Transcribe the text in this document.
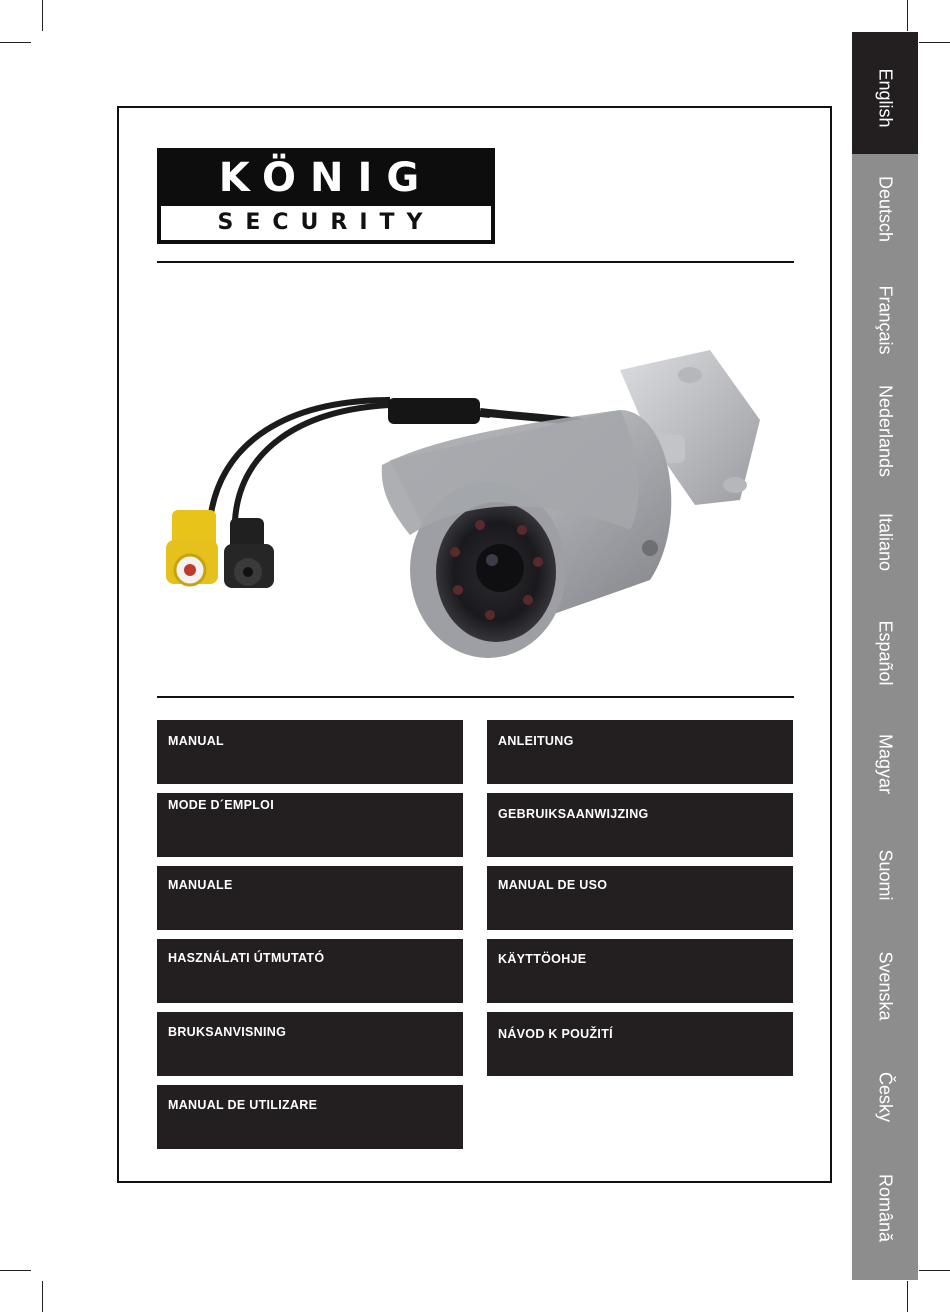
KÖNIG
SECURITY
MANUAL
MODE D´EMPLOI
MANUALE
HASZNÁLATI ÚTMUTATÓ
BRUKSANVISNING
MANUAL DE UTILIZARE
ANLEITUNG
GEBRUIKSAANWIJZING
MANUAL DE USO
KÄYTTÖOHJE
NÁVOD K POUŽITÍ
English
Deutsch
Français
Nederlands
Italiano
Español
Magyar
Suomi
Svenska
Česky
Română
